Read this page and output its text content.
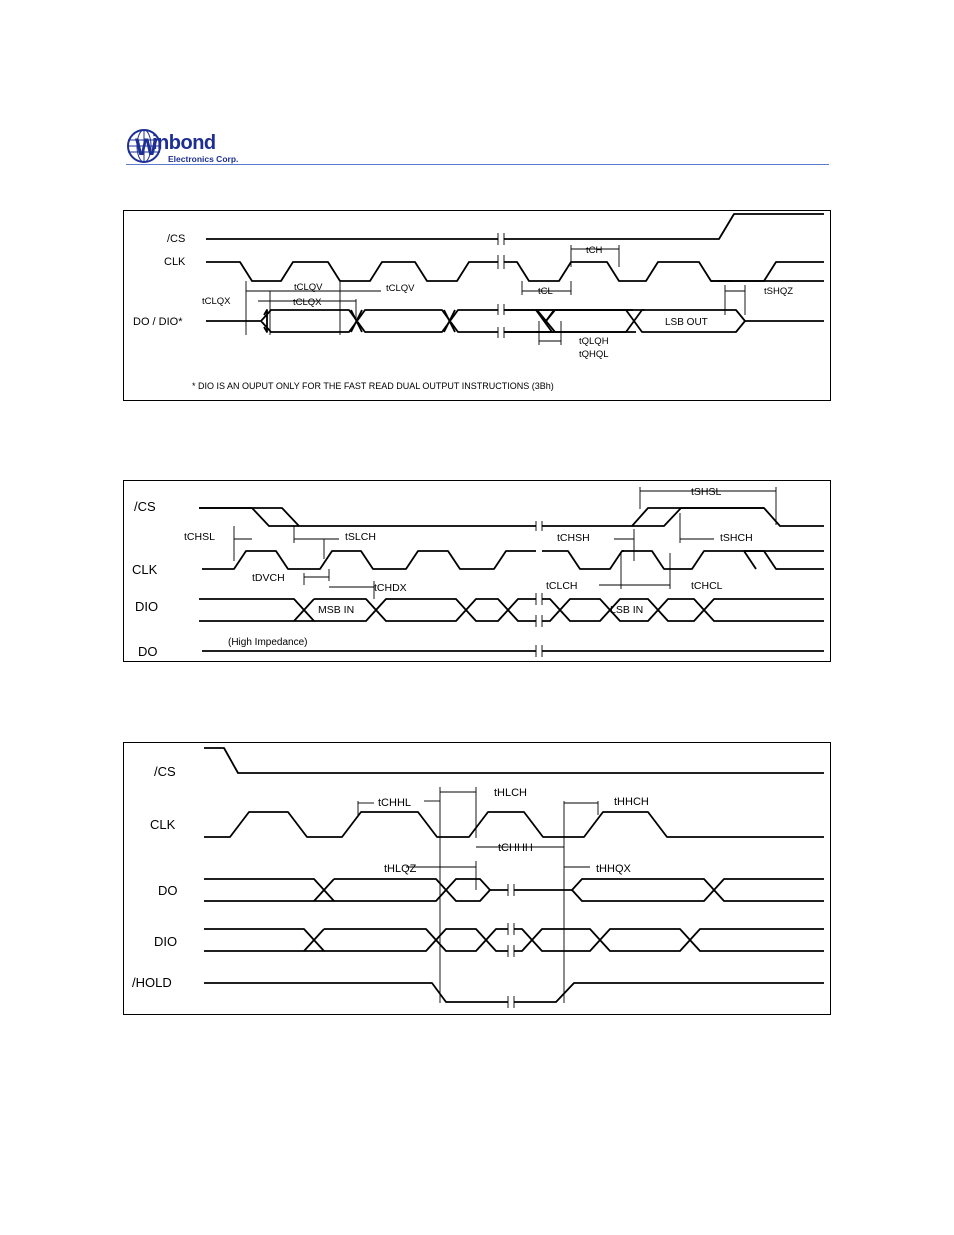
W
inbond
Electronics Corp.
/CS
CLK
DO / DIO*	LSB OUT
tCH
tCLQV	tCLQV
tCLQX	tCLQX
tCL	tSHQZ
tQLQH
tQHQL
* DIO IS AN OUPUT ONLY FOR THE FAST READ DUAL OUTPUT INSTRUCTIONS (3Bh)
/CS
CLK
DIO
DO
MSB IN	LSB IN
(High Impedance)
tSHSL
tCHSL	tSLCH	tCHSH	tSHCH
tDVCH
tCHDX	tCLCH	tCHCL
/CS
CLK
DO
DIO
/HOLD
tCHHL
tHLCH
tHHCH
tCHHH
tHLQZ	tHHQX
